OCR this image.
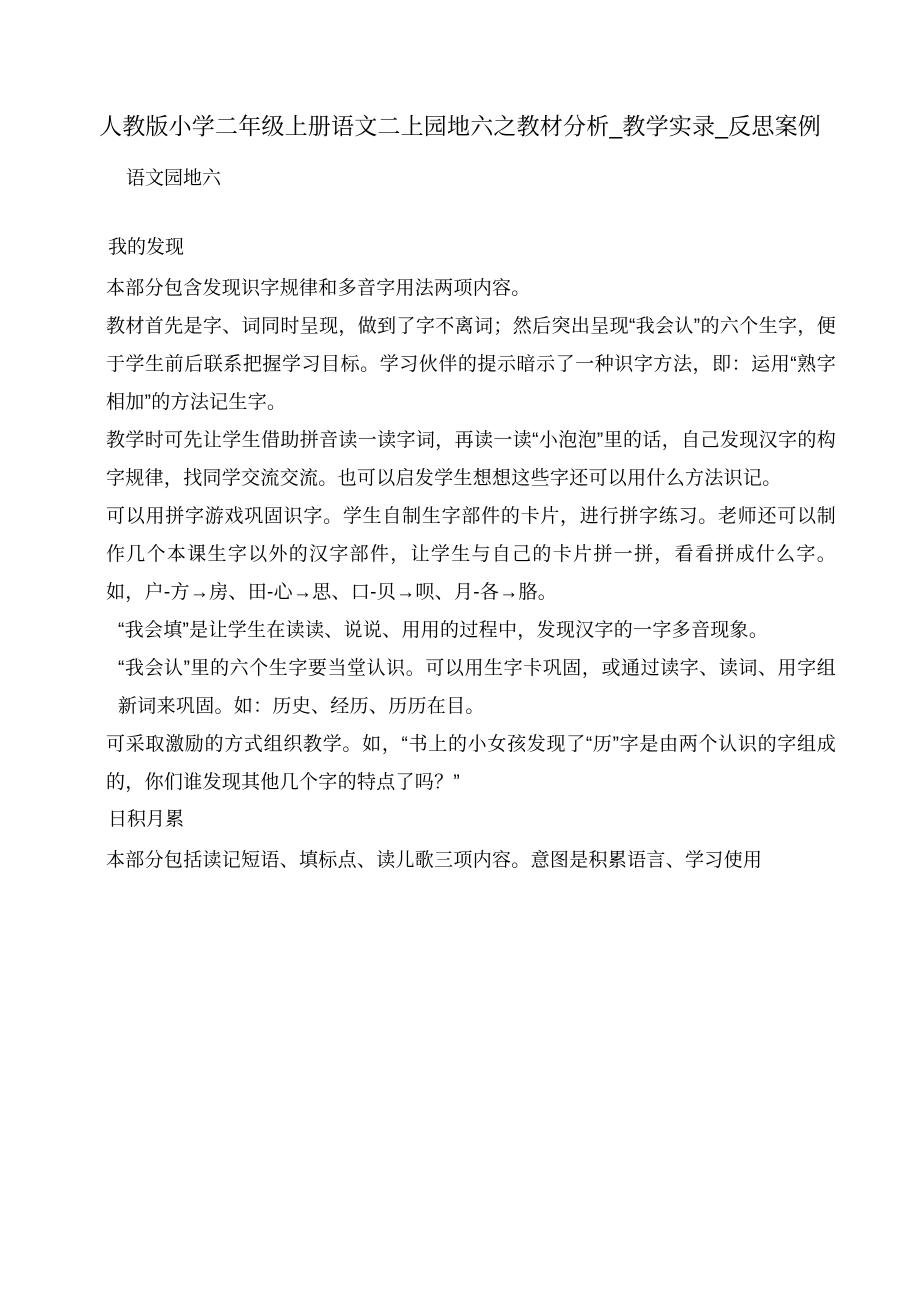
人教版小学二年级上册语文二上园地六之教材分析_教学实录_反思案例
语文园地六
我的发现

本部分包含发现识字规律和多音字用法两项内容。

教材首先是字、词同时呈现，做到了字不离词；然后突出呈现“我会认”的六个生字，便于学生前后联系把握学习目标。学习伙伴的提示暗示了一种识字方法，即：运用“熟字相加”的方法记生字。

教学时可先让学生借助拼音读一读字词，再读一读“小泡泡”里的话，自己发现汉字的构字规律，找同学交流交流。也可以启发学生想想这些字还可以用什么方法识记。

可以用拼字游戏巩固识字。学生自制生字部件的卡片，进行拼字练习。老师还可以制作几个本课生字以外的汉字部件，让学生与自己的卡片拼一拼，看看拼成什么字。如，户-方→房、田-心→思、口-贝→呗、月-各→胳。

“我会填”是让学生在读读、说说、用用的过程中，发现汉字的一字多音现象。

“我会认”里的六个生字要当堂认识。可以用生字卡巩固，或通过读字、读词、用字组新词来巩固。如：历史、经历、历历在目。

可采取激励的方式组织教学。如，“书上的小女孩发现了“历”字是由两个认识的字组成的，你们谁发现其他几个字的特点了吗？”

日积月累

本部分包括读记短语、填标点、读儿歌三项内容。意图是积累语言、学习使用
